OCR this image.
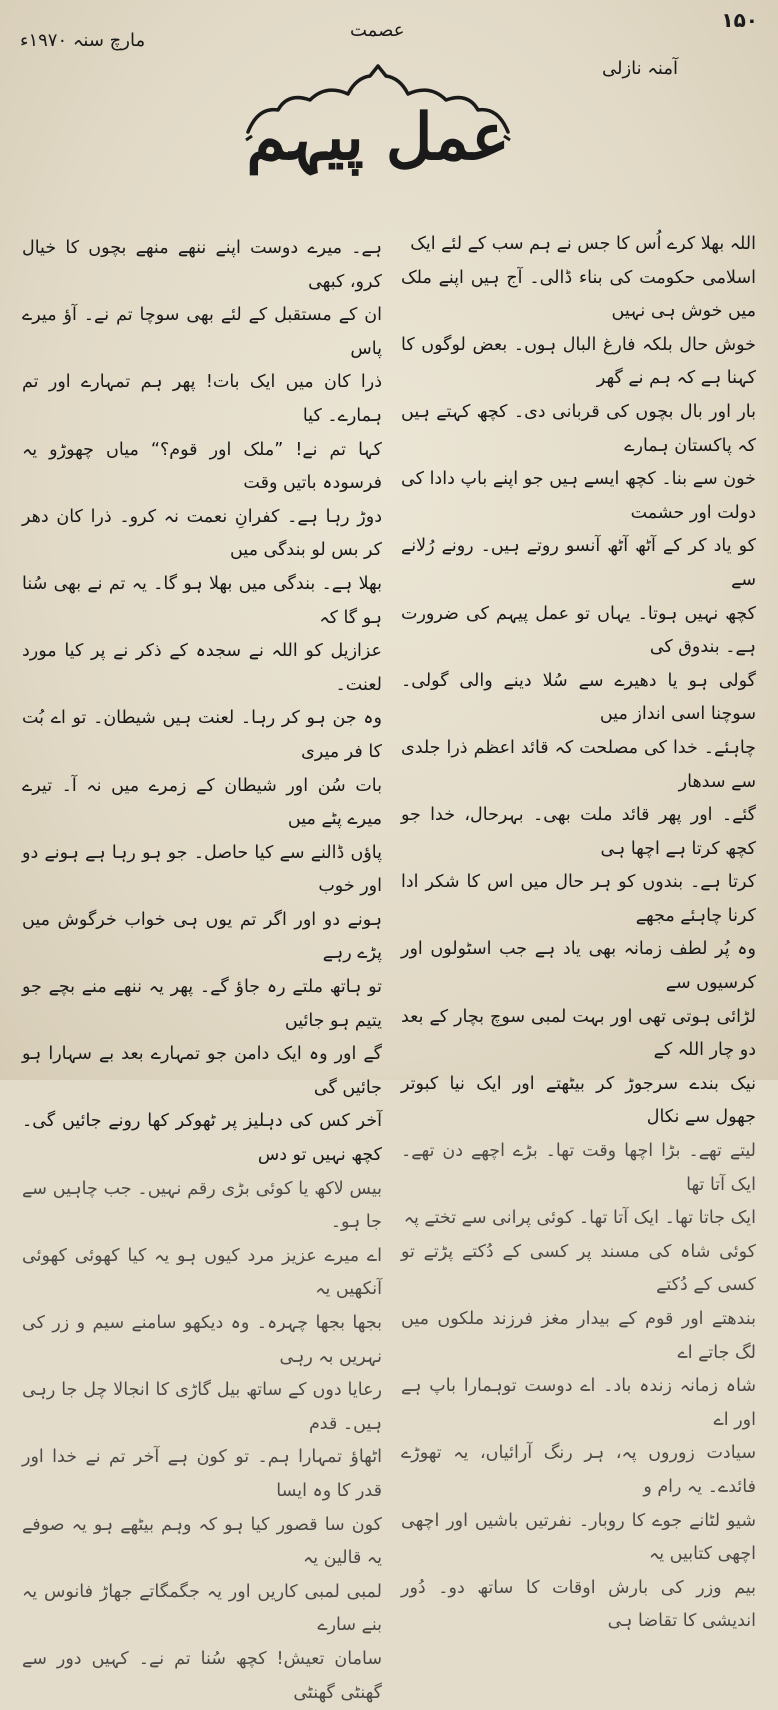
۱۵۰
عصمت
مارچ سنہ ۱۹۷۰ء
آمنہ نازلی
عمل پیہم

اللہ بھلا کرے اُس کا جس نے ہم سب کے لئے ایک

اسلامی حکومت کی بناء ڈالی۔ آج ہیں اپنے ملک میں خوش ہی نہیں

خوش حال بلکہ فارغ البال ہوں۔ بعض لوگوں کا کہنا ہے کہ ہم نے گھر

بار اور بال بچوں کی قربانی دی۔ کچھ کہتے ہیں کہ پاکستان ہمارے

خون سے بنا۔ کچھ ایسے ہیں جو اپنے باپ دادا کی دولت اور حشمت

کو یاد کر کے آٹھ آٹھ آنسو روتے ہیں۔ رونے رُلانے سے

کچھ نہیں ہوتا۔ یہاں تو عمل پیہم کی ضرورت ہے۔ بندوق کی

گولی ہو یا دھیرے سے سُلا دینے والی گولی۔ سوچنا اسی انداز میں

چاہئے۔ خدا کی مصلحت کہ قائد اعظم ذرا جلدی سے سدھار

گئے۔ اور پھر قائد ملت بھی۔ بہرحال، خدا جو کچھ کرتا ہے اچھا ہی

کرتا ہے۔ بندوں کو ہر حال میں اس کا شکر ادا کرنا چاہئے مجھے

وہ پُر لطف زمانہ بھی یاد ہے جب اسٹولوں اور کرسیوں سے

لڑائی ہوتی تھی اور بہت لمبی سوچ بچار کے بعد دو چار اللہ کے

نیک بندے سرجوڑ کر بیٹھتے اور ایک نیا کبوتر جھول سے نکال

لیتے تھے۔ بڑا اچھا وقت تھا۔ بڑے اچھے دن تھے۔ ایک آتا تھا

ایک جاتا تھا۔ ایک آتا تھا۔ کوئی پرانی سے تختے پہ

کوئی شاہ کی مسند پر کسی کے دُکتے پڑتے تو کسی کے دُکتے

بندھتے اور قوم کے بیدار مغز فرزند ملکوں میں لگ جاتے اے

شاہ زمانہ زندہ باد۔ اے دوست توہمارا باپ ہے اور اے

سیادت زوروں پہ، ہر رنگ آرائیاں، یہ تھوڑے فائدے۔ یہ رام و

شیو لٹانے جوے کا روبار۔ نفرتیں باشیں اور اچھی اچھی کتابیں یہ

بیم وزر کی بارش اوقات کا ساتھ دو۔ دُور اندیشی کا تقاضا ہی

ہے۔ میرے دوست اپنے ننھے منھے بچوں کا خیال کرو، کبھی

ان کے مستقبل کے لئے بھی سوچا تم نے۔ آؤ میرے پاس

ذرا کان میں ایک بات! پھر ہم تمہارے اور تم ہمارے۔ کیا

کہا تم نے! ”ملک اور قوم؟“ میاں چھوڑو یہ فرسودہ باتیں وقت

دوڑ رہا ہے۔ کفرانِ نعمت نہ کرو۔ ذرا کان دھر کر بس لو بندگی میں

بھلا ہے۔ بندگی میں بھلا ہو گا۔ یہ تم نے بھی سُنا ہو گا کہ

عزازیل کو اللہ نے سجدہ کے ذکر نے پر کیا مورد لعنت۔

وہ جن ہو کر رہا۔ لعنت ہیں شیطان۔ تو اے بُت کا فر میری

بات سُن اور شیطان کے زمرے میں نہ آ۔ تیرے میرے پٹے میں

پاؤں ڈالنے سے کیا حاصل۔ جو ہو رہا ہے ہونے دو اور خوب

ہونے دو اور اگر تم یوں ہی خواب خرگوش میں پڑے رہے

تو ہاتھ ملتے رہ جاؤ گے۔ پھر یہ ننھے منے بچے جو یتیم ہو جائیں

گے اور وہ ایک دامن جو تمہارے بعد بے سہارا ہو جائیں گی

آخر کس کی دہلیز پر ٹھوکر کھا رونے جائیں گی۔ کچھ نہیں تو دس

بیس لاکھ یا کوئی بڑی رقم نہیں۔ جب چاہیں سے جا ہو۔

اے میرے عزیز مرد کیوں ہو یہ کیا کھوئی کھوئی آنکھیں یہ

بجھا بجھا چہرہ۔ وہ دیکھو سامنے سیم و زر کی نہریں بہ رہی

رعایا دوں کے ساتھ بیل گاڑی کا انجالا چل جا رہی ہیں۔ قدم

اٹھاؤ تمہارا ہم۔ تو کون ہے آخر تم نے خدا اور قدر کا وہ ایسا

کون سا قصور کیا ہو کہ وہم بیٹھے ہو یہ صوفے یہ قالین یہ

لمبی لمبی کاریں اور یہ جگمگاتے جھاڑ فانوس یہ بنے سارے

سامان تعیش! کچھ سُنا تم نے۔ کہیں دور سے گھنٹی گھنٹی
